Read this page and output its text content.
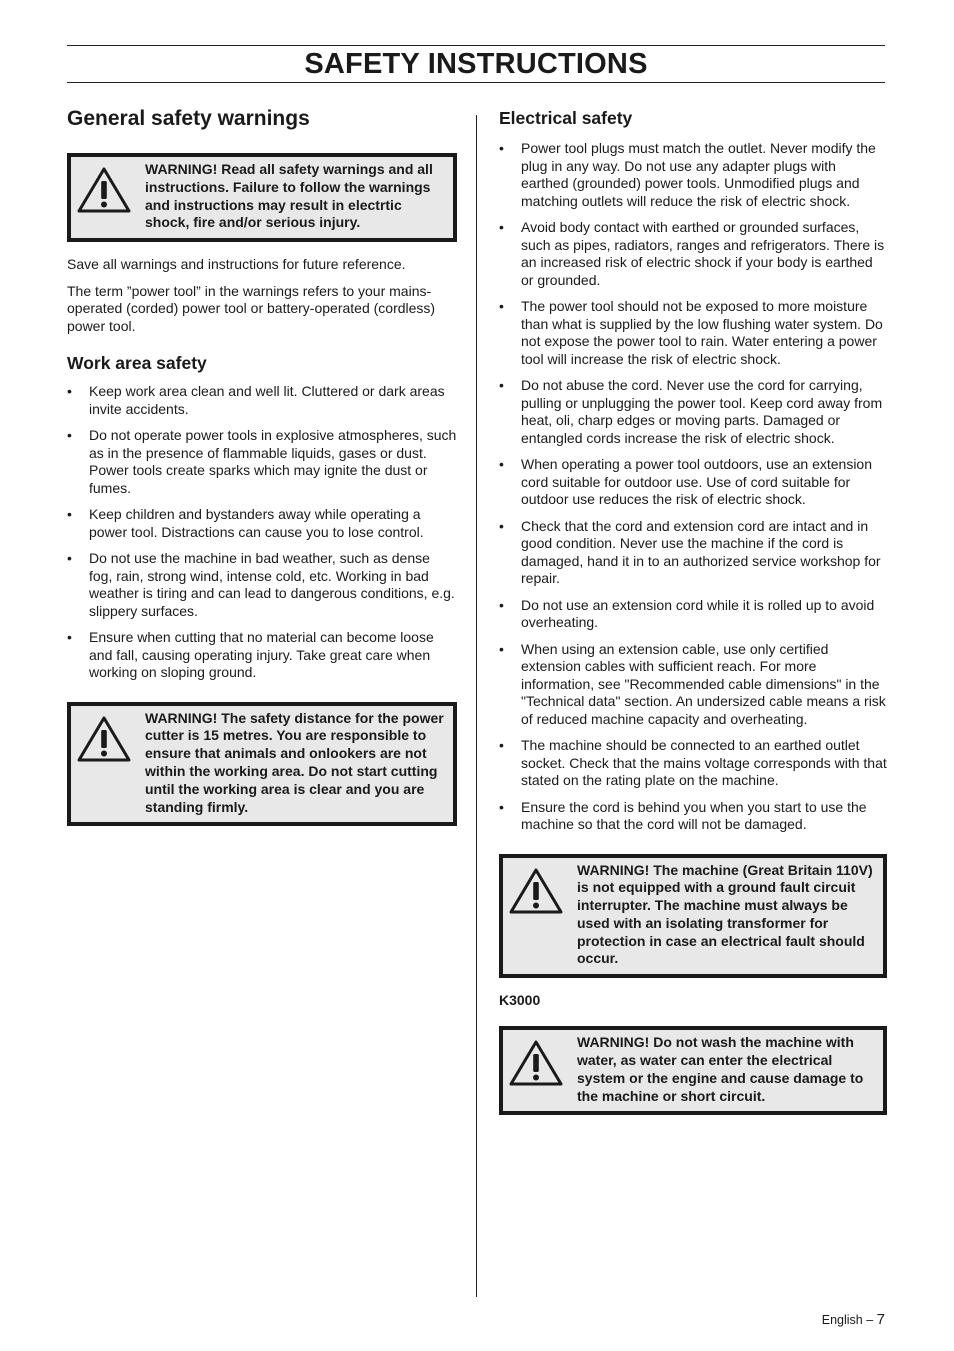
SAFETY INSTRUCTIONS
General safety warnings
WARNING! Read all safety warnings and all instructions. Failure to follow the warnings and instructions may result in electrtic shock, fire and/or serious injury.

Save all warnings and instructions for future reference.

The term ”power tool” in the warnings refers to your mains-operated (corded) power tool or battery-operated (cordless) power tool.

Work area safety
• Keep work area clean and well lit. Cluttered or dark areas invite accidents.
• Do not operate power tools in explosive atmospheres, such as in the presence of flammable liquids, gases or dust. Power tools create sparks which may ignite the dust or fumes.
• Keep children and bystanders away while operating a power tool. Distractions can cause you to lose control.
• Do not use the machine in bad weather, such as dense fog, rain, strong wind, intense cold, etc. Working in bad weather is tiring and can lead to dangerous conditions, e.g. slippery surfaces.
• Ensure when cutting that no material can become loose and fall, causing operating injury. Take great care when working on sloping ground.
WARNING! The safety distance for the power cutter is 15 metres. You are responsible to ensure that animals and onlookers are not within the working area. Do not start cutting until the working area is clear and you are standing firmly.
Electrical safety
• Power tool plugs must match the outlet. Never modify the plug in any way. Do not use any adapter plugs with earthed (grounded) power tools. Unmodified plugs and matching outlets will reduce the risk of electric shock.
• Avoid body contact with earthed or grounded surfaces, such as pipes, radiators, ranges and refrigerators. There is an increased risk of electric shock if your body is earthed or grounded.
• The power tool should not be exposed to more moisture than what is supplied by the low flushing water system. Do not expose the power tool to rain. Water entering a power tool will increase the risk of electric shock.
• Do not abuse the cord. Never use the cord for carrying, pulling or unplugging the power tool. Keep cord away from heat, oli, charp edges or moving parts. Damaged or entangled cords increase the risk of electric shock.
• When operating a power tool outdoors, use an extension cord suitable for outdoor use. Use of cord suitable for outdoor use reduces the risk of electric shock.
• Check that the cord and extension cord are intact and in good condition. Never use the machine if the cord is damaged, hand it in to an authorized service workshop for repair.
• Do not use an extension cord while it is rolled up to avoid overheating.
• When using an extension cable, use only certified extension cables with sufficient reach. For more information, see "Recommended cable dimensions" in the "Technical data" section. An undersized cable means a risk of reduced machine capacity and overheating.
• The machine should be connected to an earthed outlet socket. Check that the mains voltage corresponds with that stated on the rating plate on the machine.
• Ensure the cord is behind you when you start to use the machine so that the cord will not be damaged.
WARNING! The machine (Great Britain 110V) is not equipped with a ground fault circuit interrupter. The machine must always be used with an isolating transformer for protection in case an electrical fault should occur.
K3000
WARNING! Do not wash the machine with water, as water can enter the electrical system or the engine and cause damage to the machine or short circuit.
English – 7
